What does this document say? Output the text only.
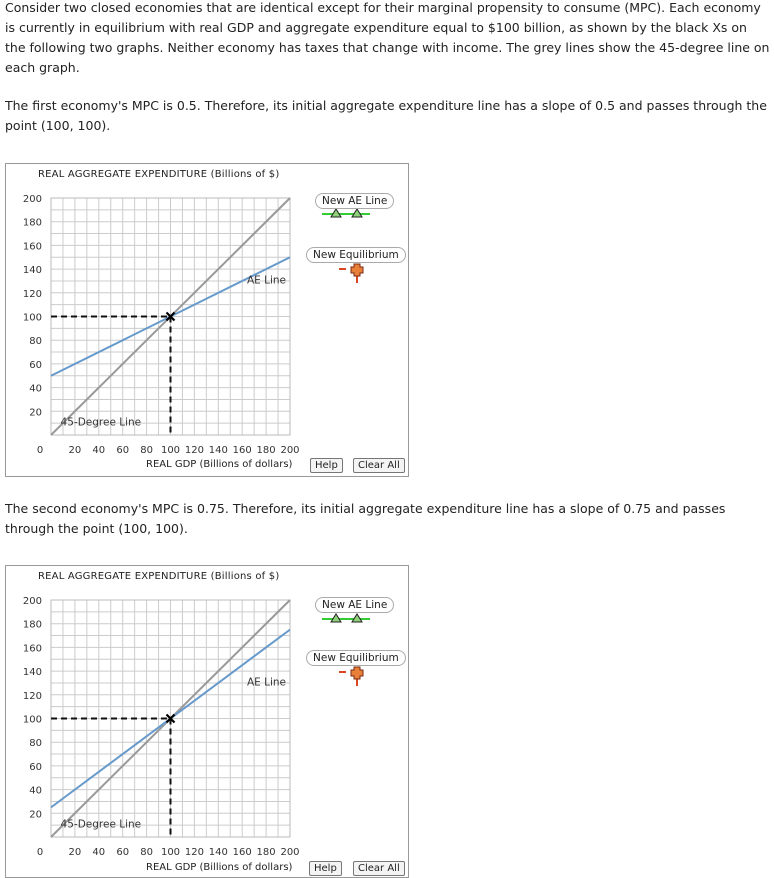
Consider two closed economies that are identical except for their marginal propensity to consume (MPC). Each economy is currently in equilibrium with real GDP and aggregate expenditure equal to $100 billion, as shown by the black Xs on the following two graphs. Neither economy has taxes that change with income. The grey lines show the 45-degree line on each graph.

The first economy's MPC is 0.5. Therefore, its initial aggregate expenditure line has a slope of 0.5 and passes through the point (100, 100).

REAL AGGREGATE EXPENDITURE (Billions of $)
200
180
160
140
120
100
80
60
40
20
20 40 60 80 100 120 140 160 180 200
0
45-Degree Line
AE Line
REAL GDP (Billions of dollars)
New AE Line
New Equilibrium
Help	Clear All

The second economy's MPC is 0.75. Therefore, its initial aggregate expenditure line has a slope of 0.75 and passes through the point (100, 100).

REAL AGGREGATE EXPENDITURE (Billions of $)
200
180
160
140
120
100
80
60
40
20
20 40 60 80 100 120 140 160 180 200
0
45-Degree Line
AE Line
REAL GDP (Billions of dollars)
New AE Line
New Equilibrium
Help	Clear All
